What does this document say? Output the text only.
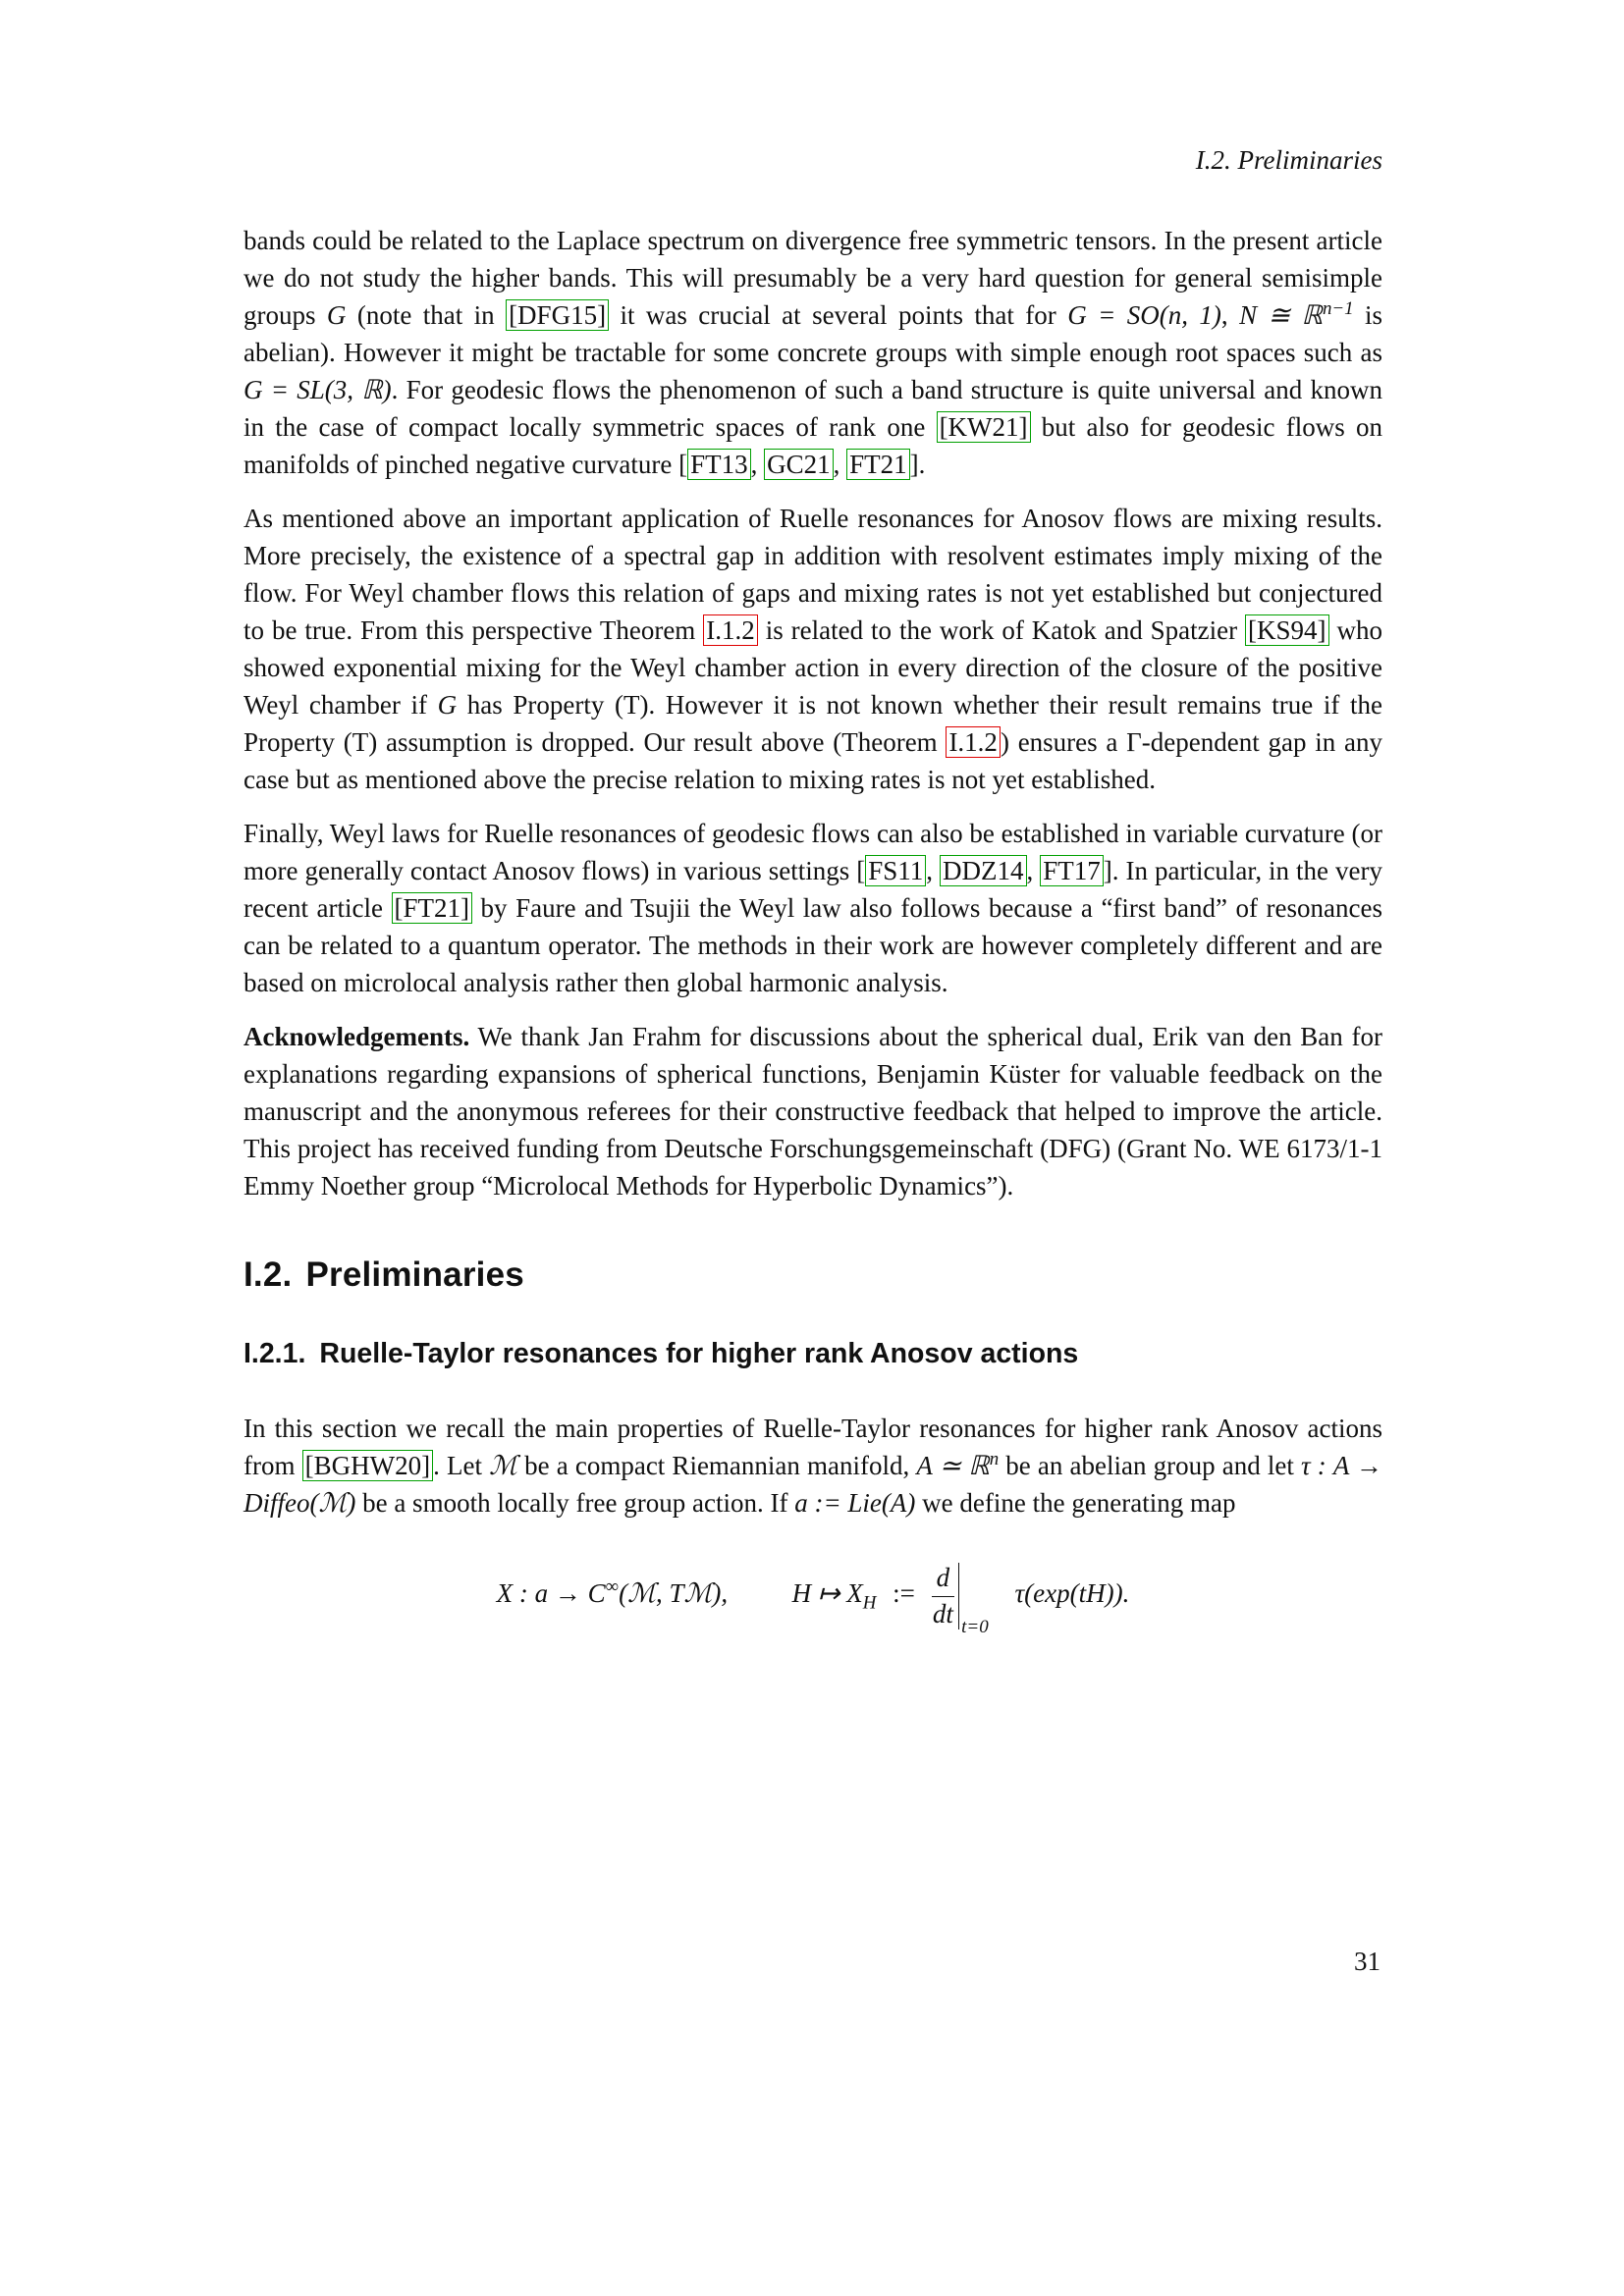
I.2. Preliminaries

bands could be related to the Laplace spectrum on divergence free symmetric tensors. In the present article we do not study the higher bands. This will presumably be a very hard question for general semisimple groups G (note that in [DFG15] it was crucial at several points that for G = SO(n, 1), N ≅ ℝ$^{n-1}$ is abelian). However it might be tractable for some concrete groups with simple enough root spaces such as G = SL(3, ℝ). For geodesic flows the phenomenon of such a band structure is quite universal and known in the case of compact locally symmetric spaces of rank one [KW21] but also for geodesic flows on manifolds of pinched negative curvature [ FT13 , GC21 , FT21 ].

As mentioned above an important application of Ruelle resonances for Anosov flows are mixing results. More precisely, the existence of a spectral gap in addition with resolvent estimates imply mixing of the flow. For Weyl chamber flows this relation of gaps and mixing rates is not yet established but conjectured to be true. From this perspective Theorem I.1.2 is related to the work of Katok and Spatzier [KS94] who showed exponential mixing for the Weyl chamber action in every direction of the closure of the positive Weyl chamber if G has Property (T). However it is not known whether their result remains true if the Property (T) assumption is dropped. Our result above (Theorem I.1.2 ) ensures a Γ-dependent gap in any case but as mentioned above the precise relation to mixing rates is not yet established.

Finally, Weyl laws for Ruelle resonances of geodesic flows can also be established in variable curvature (or more generally contact Anosov flows) in various settings [ FS11 , DDZ14 , FT17 ]. In particular, in the very recent article [FT21] by Faure and Tsujii the Weyl law also follows because a “first band” of resonances can be related to a quantum operator. The methods in their work are however completely different and are based on microlocal analysis rather then global harmonic analysis.

Acknowledgements. We thank Jan Frahm for discussions about the spherical dual, Erik van den Ban for explanations regarding expansions of spherical functions, Benjamin Küster for valuable feedback on the manuscript and the anonymous referees for their constructive feedback that helped to improve the article. This project has received funding from Deutsche Forschungsgemeinschaft (DFG) (Grant No. WE 6173/1-1 Emmy Noether group “Microlocal Methods for Hyperbolic Dynamics”).

I.2. Preliminaries
I.2.1. Ruelle-Taylor resonances for higher rank Anosov actions

In this section we recall the main properties of Ruelle-Taylor resonances for higher rank Anosov actions from [BGHW20] . Let ℳ be a compact Riemannian manifold, A ≃ ℝ$^n$ be an abelian group and let τ : A → Diffeo(ℳ) be a smooth locally free group action. If a := Lie(A) we define the generating map

X : a → C∞(ℳ, Tℳ), H ↦ $X_H$ := $\frac{d}{dt} t=0$
τ(exp(tH)).
31
